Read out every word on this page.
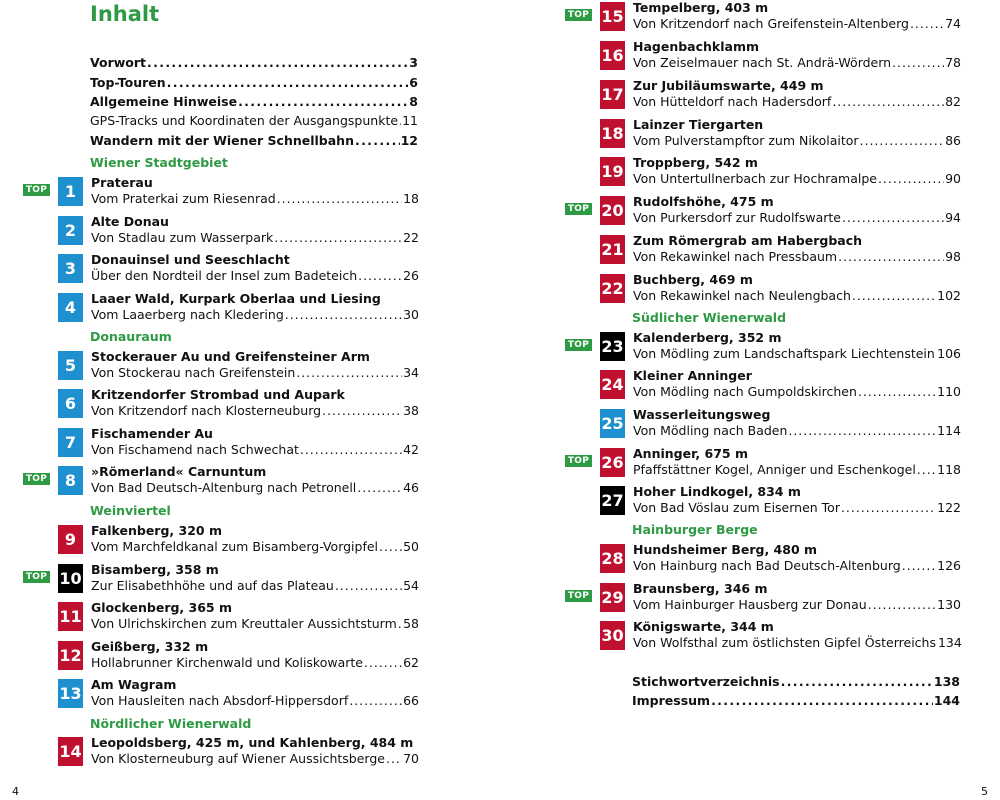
Inhalt
Vorwort . . .	3
Top-Touren . . .	6
Allgemeine Hinweise . . .	8
GPS-Tracks und Koordinaten der Ausgangspunkte . . . 11
Wandern mit der Wiener Schnellbahn . . .	12
Wiener Stadtgebiet
Donauraum
Weinviertel
Nördlicher Wienerwald
1	Praterau
Vom Praterkai zum Riesenrad . . .	18
TOP
2	Alte Donau
Von Stadlau zum Wasserpark . . .	22
3	Donauinsel und Seeschlacht
Über den Nordteil der Insel zum Badeteich . . .	26
4	Laaer Wald, Kurpark Oberlaa und Liesing
Vom Laaerberg nach Kledering . . .	30
5	Stockerauer Au und Greifensteiner Arm
Von Stockerau nach Greifenstein . . .	34
6	Kritzendorfer Strombad und Aupark
Von Kritzendorf nach Klosterneuburg . . .	38
7	Fischamender Au
Von Fischamend nach Schwechat . . .	42
8	»Römerland« Carnuntum
Von Bad Deutsch-Altenburg nach Petronell . . .	46
TOP
9	Falkenberg, 320 m
Vom Marchfeldkanal zum Bisamberg-Vorgipfel . . . 50
10 Bisamberg, 358 m
Zur Elisabethhöhe und auf das Plateau . . .	54
TOP
11 Glockenberg, 365 m
Von Ulrichskirchen zum Kreuttaler Aussichtsturm . . . 58
12 Geißberg, 332 m
Hollabrunner Kirchenwald und Koliskowarte . . .	62
13 Am Wagram
Von Hausleiten nach Absdorf-Hippersdorf . . .	66
14 Leopoldsberg, 425 m, und Kahlenberg, 484 m
Von Klosterneuburg auf Wiener Aussichtsberge . . . 70
4
Stichwortverzeichnis . . .	138
Impressum . . .	144
Südlicher Wienerwald
Hainburger Berge
15 Tempelberg, 403 m
Von Kritzendorf nach Greifenstein-Altenberg . . .	74
TOP
16 Hagenbachklamm
Von Zeiselmauer nach St. Andrä-Wördern . . .	78
17 Zur Jubiläumswarte, 449 m
Von Hütteldorf nach Hadersdorf . . .	82
18 Lainzer Tiergarten
Vom Pulverstampftor zum Nikolaitor . . .	86
19 Troppberg, 542 m
Von Untertullnerbach zur Hochramalpe . . .	90
20 Rudolfshöhe, 475 m
Von Purkersdorf zur Rudolfswarte . . .	94
TOP
21 Zum Römergrab am Habergbach
Von Rekawinkel nach Pressbaum . . .	98
22 Buchberg, 469 m
Von Rekawinkel nach Neulengbach . . .	102
23 Kalenderberg, 352 m
Von Mödling zum Landschaftspark Liechtenstein . . . 106
TOP
24 Kleiner Anninger
Von Mödling nach Gumpoldskirchen . . .	110
25 Wasserleitungsweg
Von Mödling nach Baden . . .	114
26 Anninger, 675 m
Pfaffstättner Kogel, Anniger und Eschenkogel . . . 118
TOP
27 Hoher Lindkogel, 834 m
Von Bad Vöslau zum Eisernen Tor . . .	122
28 Hundsheimer Berg, 480 m
Von Hainburg nach Bad Deutsch-Altenburg . . .	126
29 Braunsberg, 346 m
Vom Hainburger Hausberg zur Donau . . .	130
TOP
30 Königswarte, 344 m
Von Wolfsthal zum östlichsten Gipfel Österreichs 134
5
